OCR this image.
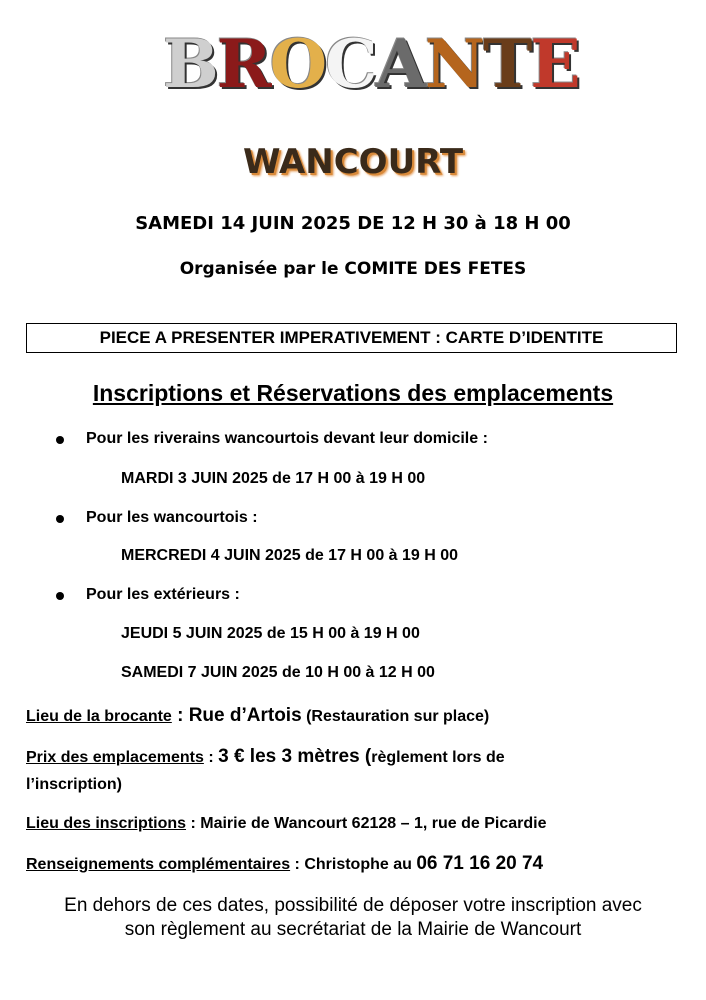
BROCANTE
WANCOURT
SAMEDI 14 JUIN 2025 DE 12 H 30 à 18 H 00
Organisée par le COMITE DES FETES
PIECE A PRESENTER IMPERATIVEMENT : CARTE D’IDENTITE
Inscriptions et Réservations des emplacements
Pour les riverains wancourtois devant leur domicile :
MARDI 3 JUIN 2025 de 17 H 00 à 19 H 00
Pour les wancourtois :
MERCREDI 4 JUIN 2025 de 17 H 00 à 19 H 00
Pour les extérieurs :
JEUDI 5 JUIN 2025 de 15 H 00 à 19 H 00
SAMEDI 7 JUIN 2025 de 10 H 00 à 12 H 00
Lieu de la brocante : Rue d’Artois (Restauration sur place)
Prix des emplacements : 3 € les 3 mètres (règlement lors de
l’inscription)
Lieu des inscriptions : Mairie de Wancourt 62128 – 1, rue de Picardie
Renseignements complémentaires : Christophe au 06 71 16 20 74
En dehors de ces dates, possibilité de déposer votre inscription avec
son règlement au secrétariat de la Mairie de Wancourt
